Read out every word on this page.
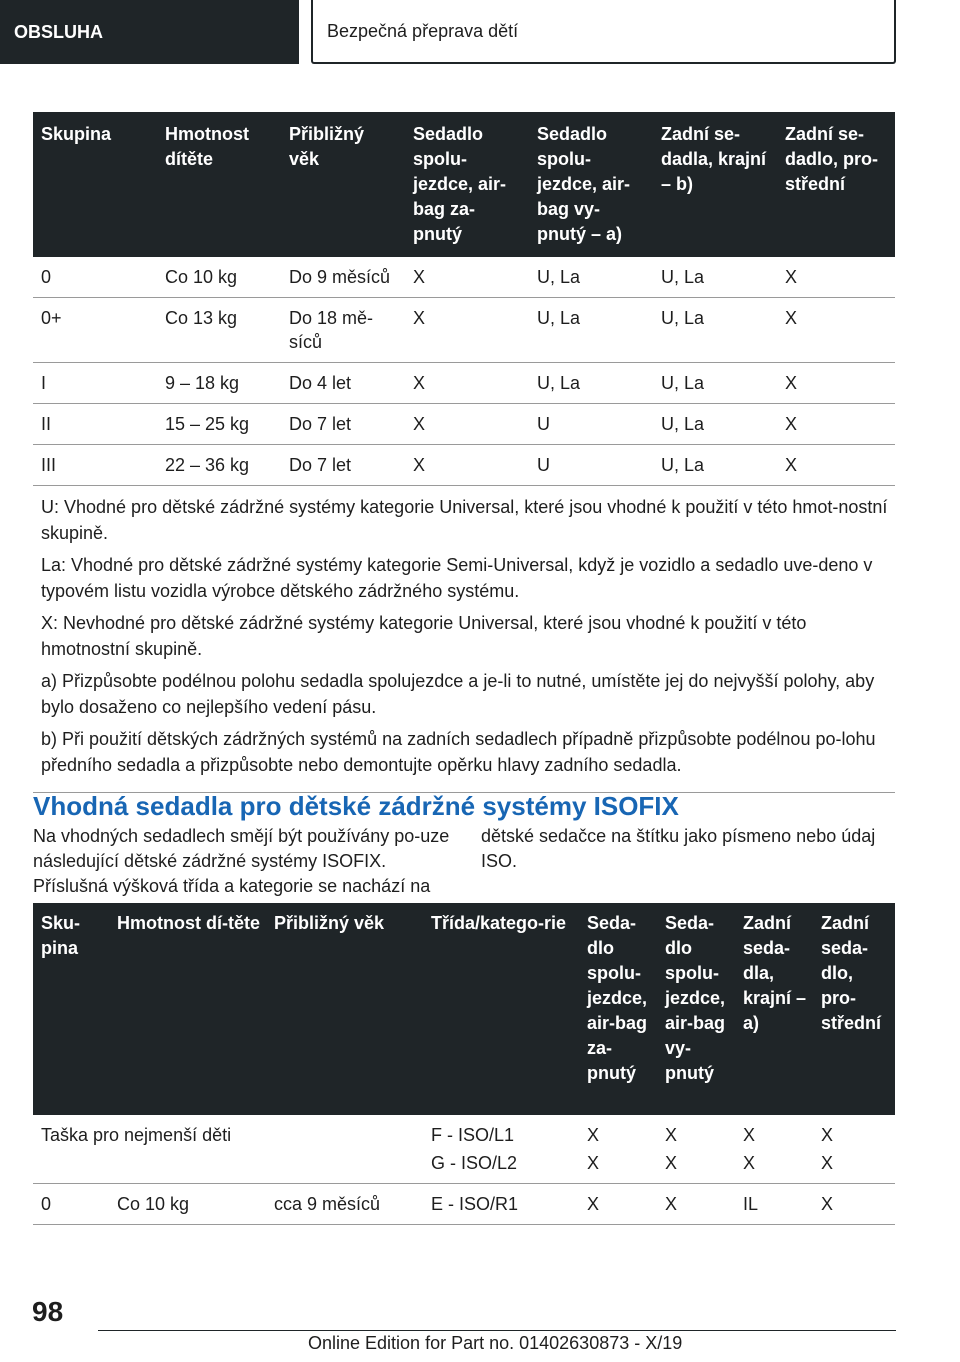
OBSLUHA	Bezpečná přeprava dětí
Skupina	Hmotnost dítěte	Přibližný věk	Sedadlo spolu-jezdce, air-bag za-pnutý	Sedadlo spolu-jezdce, air-bag vy-pnutý – a)	Zadní se-dadla, krajní – b)	Zadní se-dadlo, pro-střední
0	Co 10 kg	Do 9 měsíců	X	U, La	U, La	X
0+	Co 13 kg	Do 18 mě-síců	X	U, La	U, La	X
I	9 – 18 kg	Do 4 let	X	U, La	U, La	X
II	15 – 25 kg	Do 7 let	X	U	U, La	X
III	22 – 36 kg	Do 7 let	X	U	U, La	X

U: Vhodné pro dětské zádržné systémy kategorie Universal, které jsou vhodné k použití v této hmot-nostní skupině.

La: Vhodné pro dětské zádržné systémy kategorie Semi-Universal, když je vozidlo a sedadlo uve-deno v typovém listu vozidla výrobce dětského zádržného systému.

X: Nevhodné pro dětské zádržné systémy kategorie Universal, které jsou vhodné k použití v této hmotnostní skupině.

a) Přizpůsobte podélnou polohu sedadla spolujezdce a je-li to nutné, umístěte jej do nejvyšší polohy, aby bylo dosaženo co nejlepšího vedení pásu.

b) Při použití dětských zádržných systémů na zadních sedadlech případně přizpůsobte podélnou po-lohu předního sedadla a přizpůsobte nebo demontujte opěrku hlavy zadního sedadla.						

Vhodná sedadla pro dětské zádržné systémy ISOFIX
Na vhodných sedadlech smějí být používány po-uze následující dětské zádržné systémy ISOFIX. Příslušná výšková třída a kategorie se nachází na
dětské sedačce na štítku jako písmeno nebo údaj ISO.
Sku-pina	Hmotnost dí-těte	Přibližný věk	Třída/katego-rie	Seda-dlo spolu-jezdce, air-bag za-pnutý	Seda-dlo spolu-jezdce, air-bag vy-pnutý	Zadní seda-dla, krajní – a)	Zadní seda-dlo, pro-střední
Taška pro nejmenší děti			F - ISO/L1	X	X	X	X
			G - ISO/L2	X	X	X	X
0	Co 10 kg	cca 9 měsíců	E - ISO/R1	X	X	IL	X
98
Online Edition for Part no. 01402630873 - X/19
